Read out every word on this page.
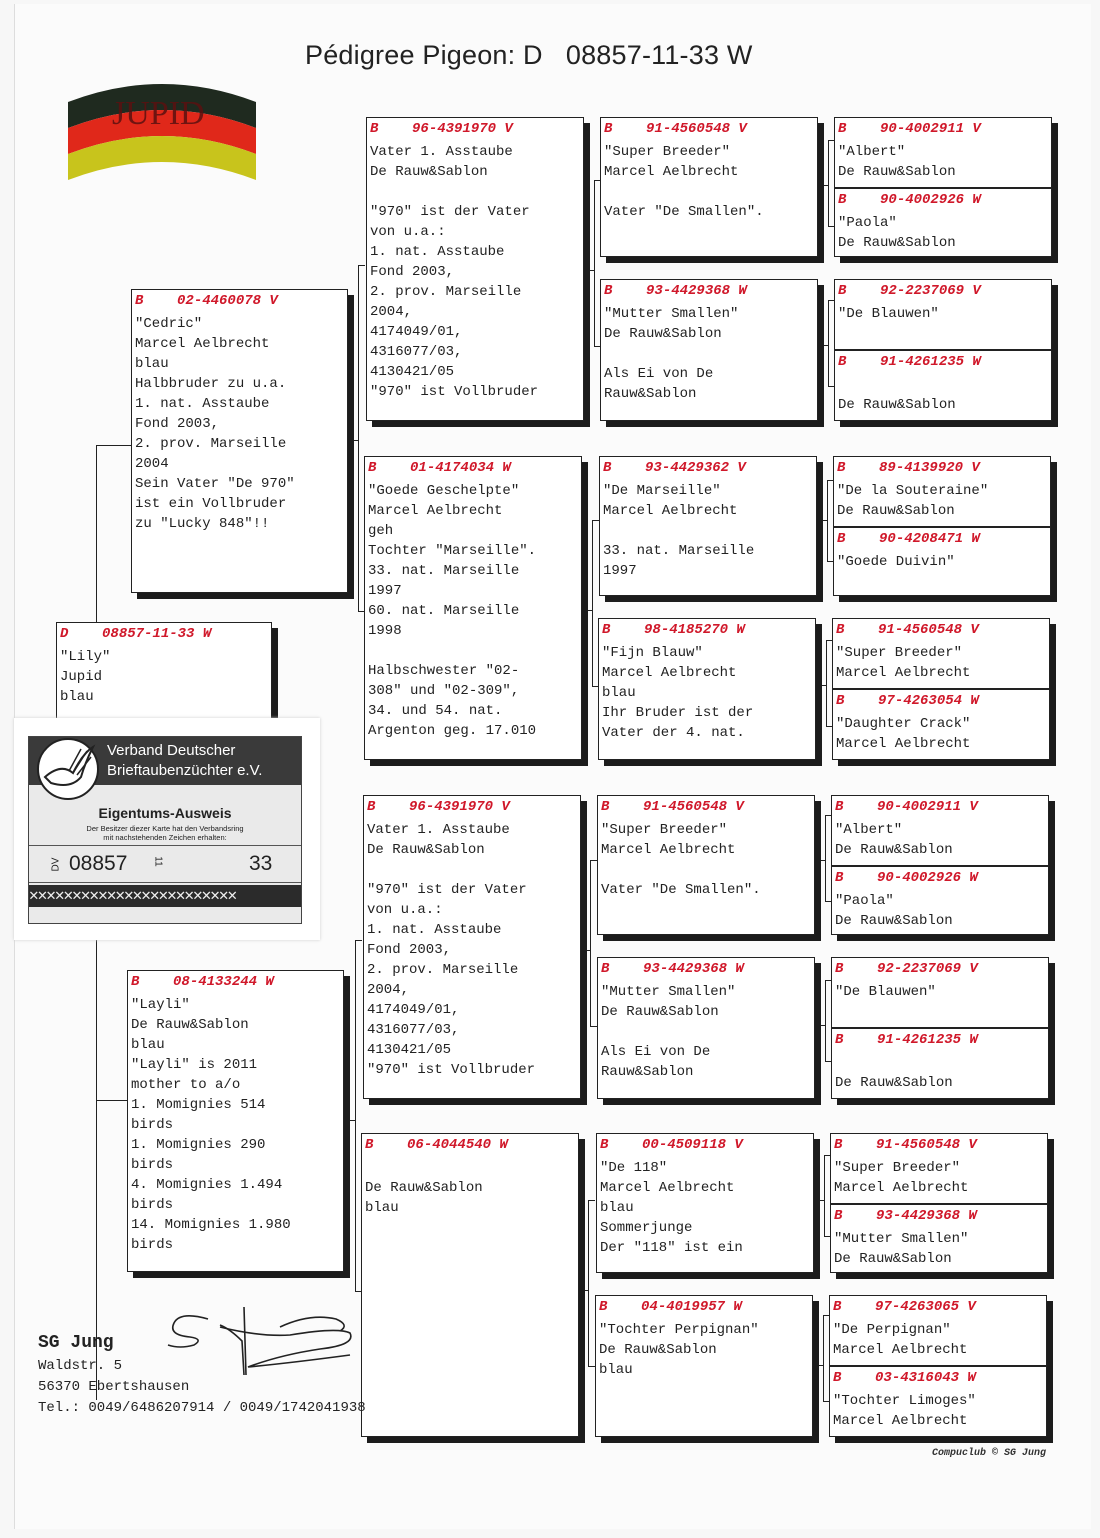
Pédigree Pigeon: D   08857-11-33 W
JUPID
D 08857-11-33 W
"Lily"
Jupid
blau
B 02-4460078 V
"Cedric"
Marcel Aelbrecht
blau
Halbbruder zu u.a.
1. nat. Asstaube
Fond 2003,
2. prov. Marseille
2004
Sein Vater "De 970"
ist ein Vollbruder
zu "Lucky 848"!!
B 08-4133244 W
"Layli"
De Rauw&Sablon
blau
"Layli" is 2011
mother to a/o
1. Momignies 514
birds
1. Momignies 290
birds
4. Momignies 1.494
birds
14. Momignies 1.980
birds
B 96-4391970 V
Vater 1. Asstaube
De Rauw&Sablon
"970" ist der Vater
von u.a.:
1. nat. Asstaube
Fond 2003,
2. prov. Marseille
2004,
4174049/01,
4316077/03,
4130421/05
"970" ist Vollbruder
B 01-4174034 W
"Goede Geschelpte"
Marcel Aelbrecht
geh
Tochter "Marseille".
33. nat. Marseille
1997
60. nat. Marseille
1998
Halbschwester "02-
308" und "02-309",
34. und 54. nat.
Argenton geg. 17.010
B 96-4391970 V
Vater 1. Asstaube
De Rauw&Sablon
"970" ist der Vater
von u.a.:
1. nat. Asstaube
Fond 2003,
2. prov. Marseille
2004,
4174049/01,
4316077/03,
4130421/05
"970" ist Vollbruder
B 06-4044540 W
De Rauw&Sablon
blau
B 91-4560548 V
"Super Breeder"
Marcel Aelbrecht
Vater "De Smallen".
B 93-4429368 W
"Mutter Smallen"
De Rauw&Sablon
Als Ei von De
Rauw&Sablon
B 93-4429362 V
"De Marseille"
Marcel Aelbrecht
33. nat. Marseille
1997
B 98-4185270 W
"Fijn Blauw"
Marcel Aelbrecht
blau
Ihr Bruder ist der
Vater der 4. nat.
B 91-4560548 V
"Super Breeder"
Marcel Aelbrecht
Vater "De Smallen".
B 93-4429368 W
"Mutter Smallen"
De Rauw&Sablon
Als Ei von De
Rauw&Sablon
B 00-4509118 V
"De 118"
Marcel Aelbrecht
blau
Sommerjunge
Der "118" ist ein
B 04-4019957 W
"Tochter Perpignan"
De Rauw&Sablon
blau
B 90-4002911 V
"Albert"
De Rauw&Sablon
B 90-4002926 W
"Paola"
De Rauw&Sablon
B 92-2237069 V
"De Blauwen"
B 91-4261235 W
De Rauw&Sablon
B 89-4139920 V
"De la Souteraine"
De Rauw&Sablon
B 90-4208471 W
"Goede Duivin"
B 91-4560548 V
"Super Breeder"
Marcel Aelbrecht
B 97-4263054 W
"Daughter Crack"
Marcel Aelbrecht
B 90-4002911 V
"Albert"
De Rauw&Sablon
B 90-4002926 W
"Paola"
De Rauw&Sablon
B 92-2237069 V
"De Blauwen"
B 91-4261235 W
De Rauw&Sablon
B 91-4560548 V
"Super Breeder"
Marcel Aelbrecht
B 93-4429368 W
"Mutter Smallen"
De Rauw&Sablon
B 97-4263065 V
"De Perpignan"
Marcel Aelbrecht
B 03-4316043 W
"Tochter Limoges"
Marcel Aelbrecht
Verband Deutscher
Brieftaubenzüchter e.V.
Eigentums-Ausweis
Der Besitzer diezer Karte hat den Verbandsring
mit nachstehenden Zeichen erhalten:
DV 08857	11	33
✕✕✕✕✕✕✕✕✕✕✕✕✕✕✕✕✕✕✕✕✕✕✕✕
SG Jung
Waldstr. 5
56370 Ebertshausen
Tel.: 0049/6486207914 / 0049/1742041938
Compuclub © SG Jung
